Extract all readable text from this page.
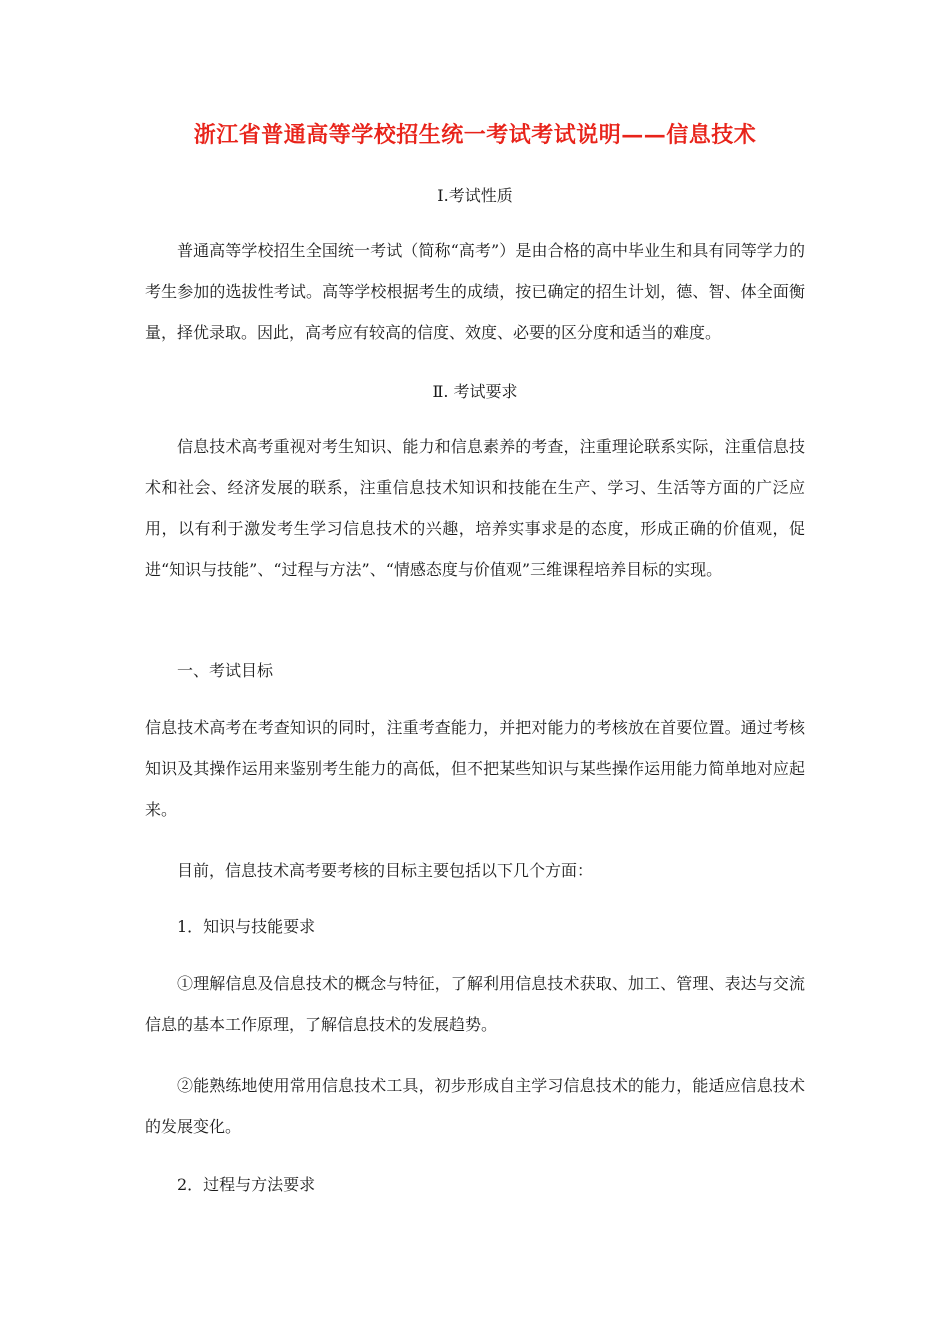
浙江省普通高等学校招生统一考试考试说明——信息技术
Ⅰ.考试性质
普通高等学校招生全国统一考试（简称“高考”）是由合格的高中毕业生和具有同等学力的考生参加的选拔性考试。高等学校根据考生的成绩，按已确定的招生计划，德、智、体全面衡量，择优录取。因此，高考应有较高的信度、效度、必要的区分度和适当的难度。
Ⅱ. 考试要求
信息技术高考重视对考生知识、能力和信息素养的考查，注重理论联系实际，注重信息技术和社会、经济发展的联系，注重信息技术知识和技能在生产、学习、生活等方面的广泛应用，以有利于激发考生学习信息技术的兴趣，培养实事求是的态度，形成正确的价值观，促进“知识与技能”、“过程与方法”、“情感态度与价值观”三维课程培养目标的实现。
一、考试目标
信息技术高考在考查知识的同时，注重考查能力，并把对能力的考核放在首要位置。通过考核知识及其操作运用来鉴别考生能力的高低，但不把某些知识与某些操作运用能力简单地对应起来。
目前，信息技术高考要考核的目标主要包括以下几个方面：
1．知识与技能要求
①理解信息及信息技术的概念与特征，了解利用信息技术获取、加工、管理、表达与交流信息的基本工作原理，了解信息技术的发展趋势。
②能熟练地使用常用信息技术工具，初步形成自主学习信息技术的能力，能适应信息技术的发展变化。
2．过程与方法要求
